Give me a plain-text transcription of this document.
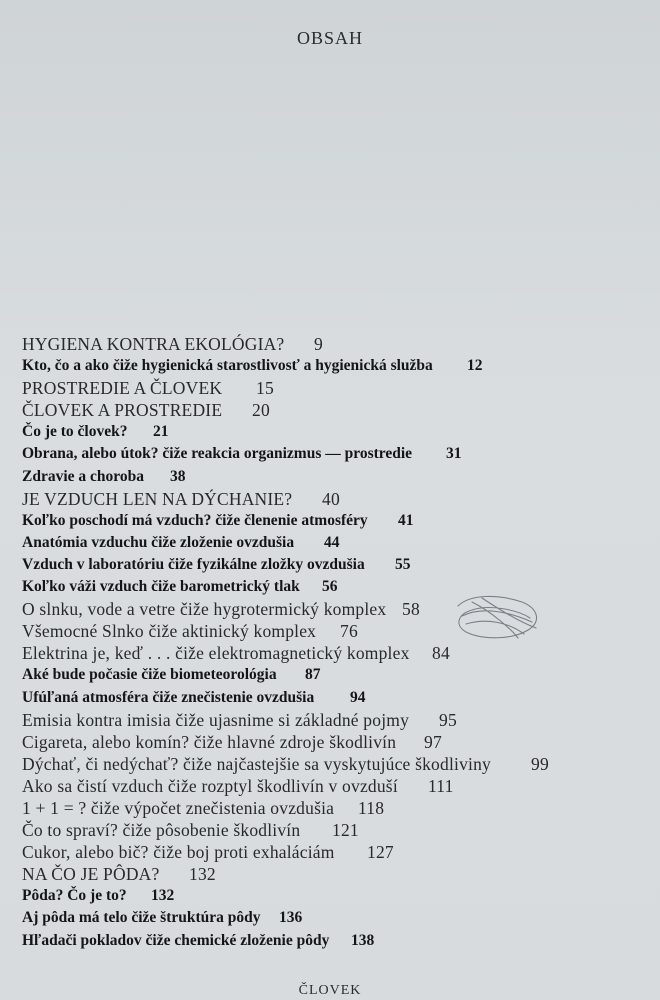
OBSAH
HYGIENA KONTRA EKOLÓGIA? 9
Kto, čo a ako čiže hygienická starostlivosť a hygienická služba 12
PROSTREDIE A ČLOVEK 15
ČLOVEK A PROSTREDIE 20
Čo je to človek? 21
Obrana, alebo útok? čiže reakcia organizmus — prostredie 31
Zdravie a choroba 38
JE VZDUCH LEN NA DÝCHANIE? 40
Koľko poschodí má vzduch? čiže členenie atmosféry 41
Anatómia vzduchu čiže zloženie ovzdušia 44
Vzduch v laboratóriu čiže fyzikálne zložky ovzdušia 55
Koľko váži vzduch čiže barometrický tlak 56
O slnku, vode a vetre čiže hygrotermický komplex 58
Všemocné Slnko čiže aktinický komplex 76
Elektrina je, keď . . . čiže elektromagnetický komplex 84
Aké bude počasie čiže biometeorológia 87
Ufúľaná atmosféra čiže znečistenie ovzdušia 94
Emisia kontra imisia čiže ujasnime si základné pojmy 95
Cigareta, alebo komín? čiže hlavné zdroje škodlivín 97
Dýchať, či nedýchať? čiže najčastejšie sa vyskytujúce škodliviny 99
Ako sa čistí vzduch čiže rozptyl škodlivín v ovzduší 111
1 + 1 = ? čiže výpočet znečistenia ovzdušia 118
Čo to spraví? čiže pôsobenie škodlivín 121
Cukor, alebo bič? čiže boj proti exhaláciám 127
NA ČO JE PÔDA? 132
Pôda? Čo je to? 132
Aj pôda má telo čiže štruktúra pôdy 136
Hľadači pokladov čiže chemické zloženie pôdy 138
ČLOVEK
